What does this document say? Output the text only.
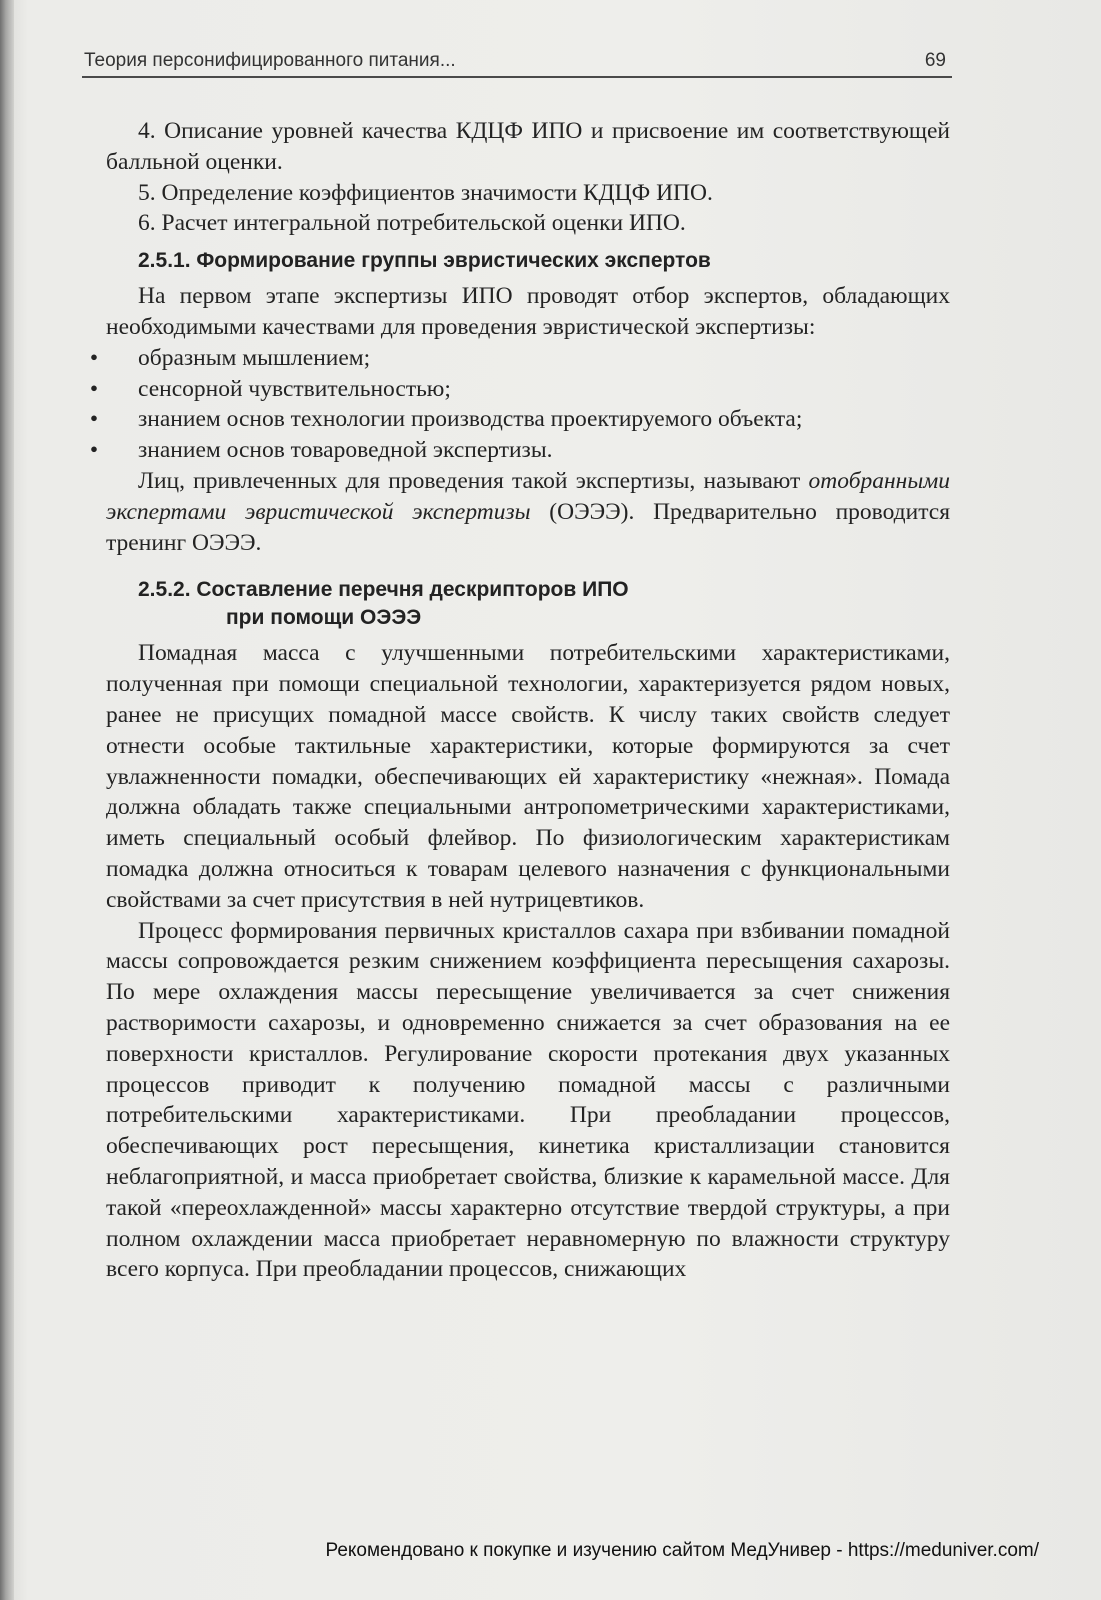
Теория персонифицированного питания...	69

4. Описание уровней качества КДЦФ ИПО и присвоение им соответствующей балльной оценки.

5. Определение коэффициентов значимости КДЦФ ИПО.

6. Расчет интегральной потребительской оценки ИПО.

2.5.1. Формирование группы эвристических экспертов

На первом этапе экспертизы ИПО проводят отбор экспертов, обладающих необходимыми качествами для проведения эвристической экспертизы:

• образным мышлением;
• сенсорной чувствительностью;
• знанием основ технологии производства проектируемого объекта;
• знанием основ товароведной экспертизы.

Лиц, привлеченных для проведения такой экспертизы, называют отобранными экспертами эвристической экспертизы (ОЭЭЭ). Предварительно проводится тренинг ОЭЭЭ.

2.5.2. Составление перечня дескрипторов ИПО
при помощи ОЭЭЭ

Помадная масса с улучшенными потребительскими характеристиками, полученная при помощи специальной технологии, характеризуется рядом новых, ранее не присущих помадной массе свойств. К числу таких свойств следует отнести особые тактильные характеристики, которые формируются за счет увлажненности помадки, обеспечивающих ей характеристику «нежная». Помада должна обладать также специальными антропометрическими характеристиками, иметь специальный особый флейвор. По физиологическим характеристикам помадка должна относиться к товарам целевого назначения с функциональными свойствами за счет присутствия в ней нутрицевтиков.

Процесс формирования первичных кристаллов сахара при взбивании помадной массы сопровождается резким снижением коэффициента пересыщения сахарозы. По мере охлаждения массы пересыщение увеличивается за счет снижения растворимости сахарозы, и одновременно снижается за счет образования на ее поверхности кристаллов. Регулирование скорости протекания двух указанных процессов приводит к получению помадной массы с различными потребительскими характеристиками. При преобладании процессов, обеспечивающих рост пересыщения, кинетика кристаллизации становится неблагоприятной, и масса приобретает свойства, близкие к карамельной массе. Для такой «переохлажденной» массы характерно отсутствие твердой структуры, а при полном охлаждении масса приобретает неравномерную по влажности структуру всего корпуса. При преобладании процессов, снижающих

Рекомендовано к покупке и изучению сайтом МедУнивер - https://meduniver.com/
